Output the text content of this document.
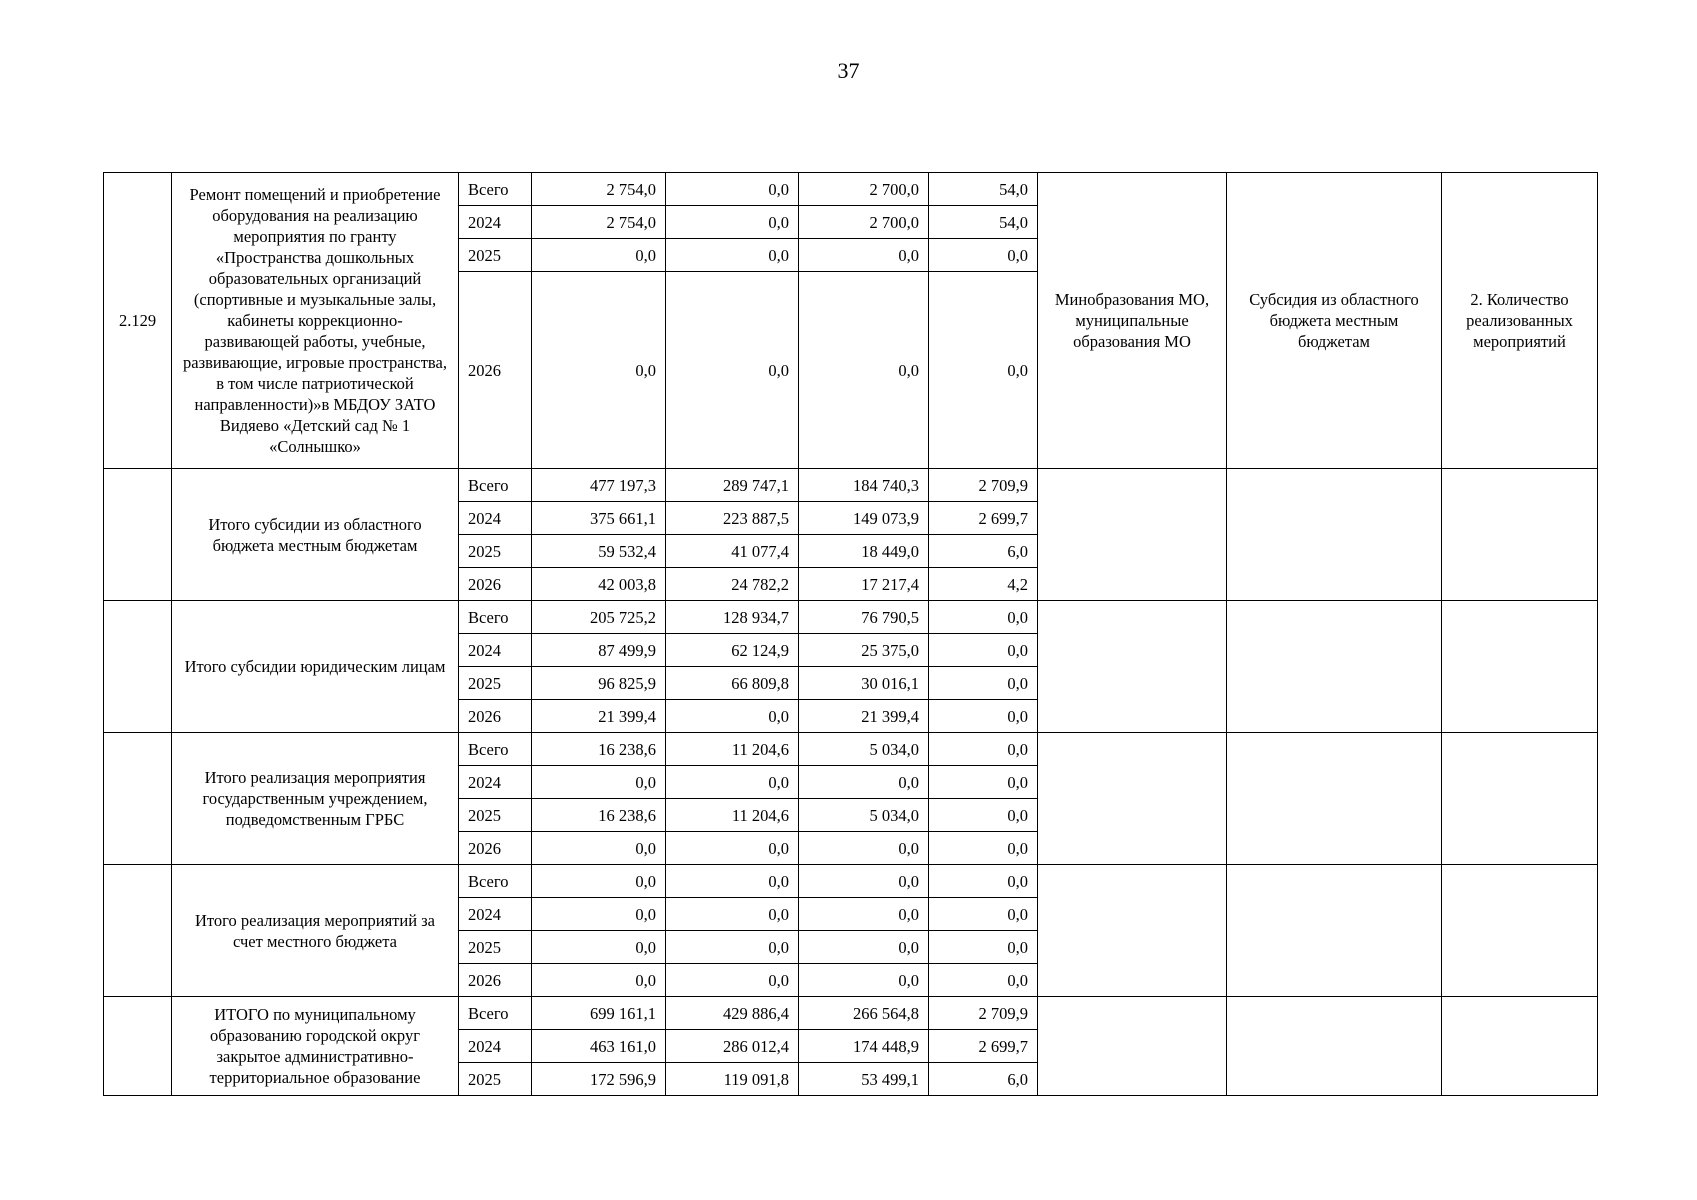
37
2.129	Ремонт помещений и приобретение оборудования на реализацию мероприятия по гранту «Пространства дошкольных образовательных организаций (спортивные и музыкальные залы, кабинеты коррекционно-развивающей работы, учебные, развивающие, игровые пространства, в том числе патриотической направленности)»в МБДОУ ЗАТО Видяево «Детский сад № 1 «Солнышко»	Всего	2 754,0	0,0	2 700,0	54,0	Минобразования МО, муниципальные образования МО	Субсидия из областного бюджета местным бюджетам	2. Количество реализованных мероприятий
		2024	2 754,0	0,0	2 700,0	54,0			
		2025	0,0	0,0	0,0	0,0			
		2026	0,0	0,0	0,0	0,0			
	Итого субсидии из областного бюджета местным бюджетам	Всего	477 197,3	289 747,1	184 740,3	2 709,9			
		2024	375 661,1	223 887,5	149 073,9	2 699,7			
		2025	59 532,4	41 077,4	18 449,0	6,0			
		2026	42 003,8	24 782,2	17 217,4	4,2			
	Итого субсидии юридическим лицам	Всего	205 725,2	128 934,7	76 790,5	0,0			
		2024	87 499,9	62 124,9	25 375,0	0,0			
		2025	96 825,9	66 809,8	30 016,1	0,0			
		2026	21 399,4	0,0	21 399,4	0,0			
	Итого реализация мероприятия государственным учреждением, подведомственным ГРБС	Всего	16 238,6	11 204,6	5 034,0	0,0			
		2024	0,0	0,0	0,0	0,0			
		2025	16 238,6	11 204,6	5 034,0	0,0			
		2026	0,0	0,0	0,0	0,0			
	Итого реализация мероприятий за счет местного бюджета	Всего	0,0	0,0	0,0	0,0			
		2024	0,0	0,0	0,0	0,0			
		2025	0,0	0,0	0,0	0,0			
		2026	0,0	0,0	0,0	0,0			
	ИТОГО по муниципальному образованию городской округ закрытое административно-территориальное образование	Всего	699 161,1	429 886,4	266 564,8	2 709,9			
		2024	463 161,0	286 012,4	174 448,9	2 699,7			
		2025	172 596,9	119 091,8	53 499,1	6,0			
